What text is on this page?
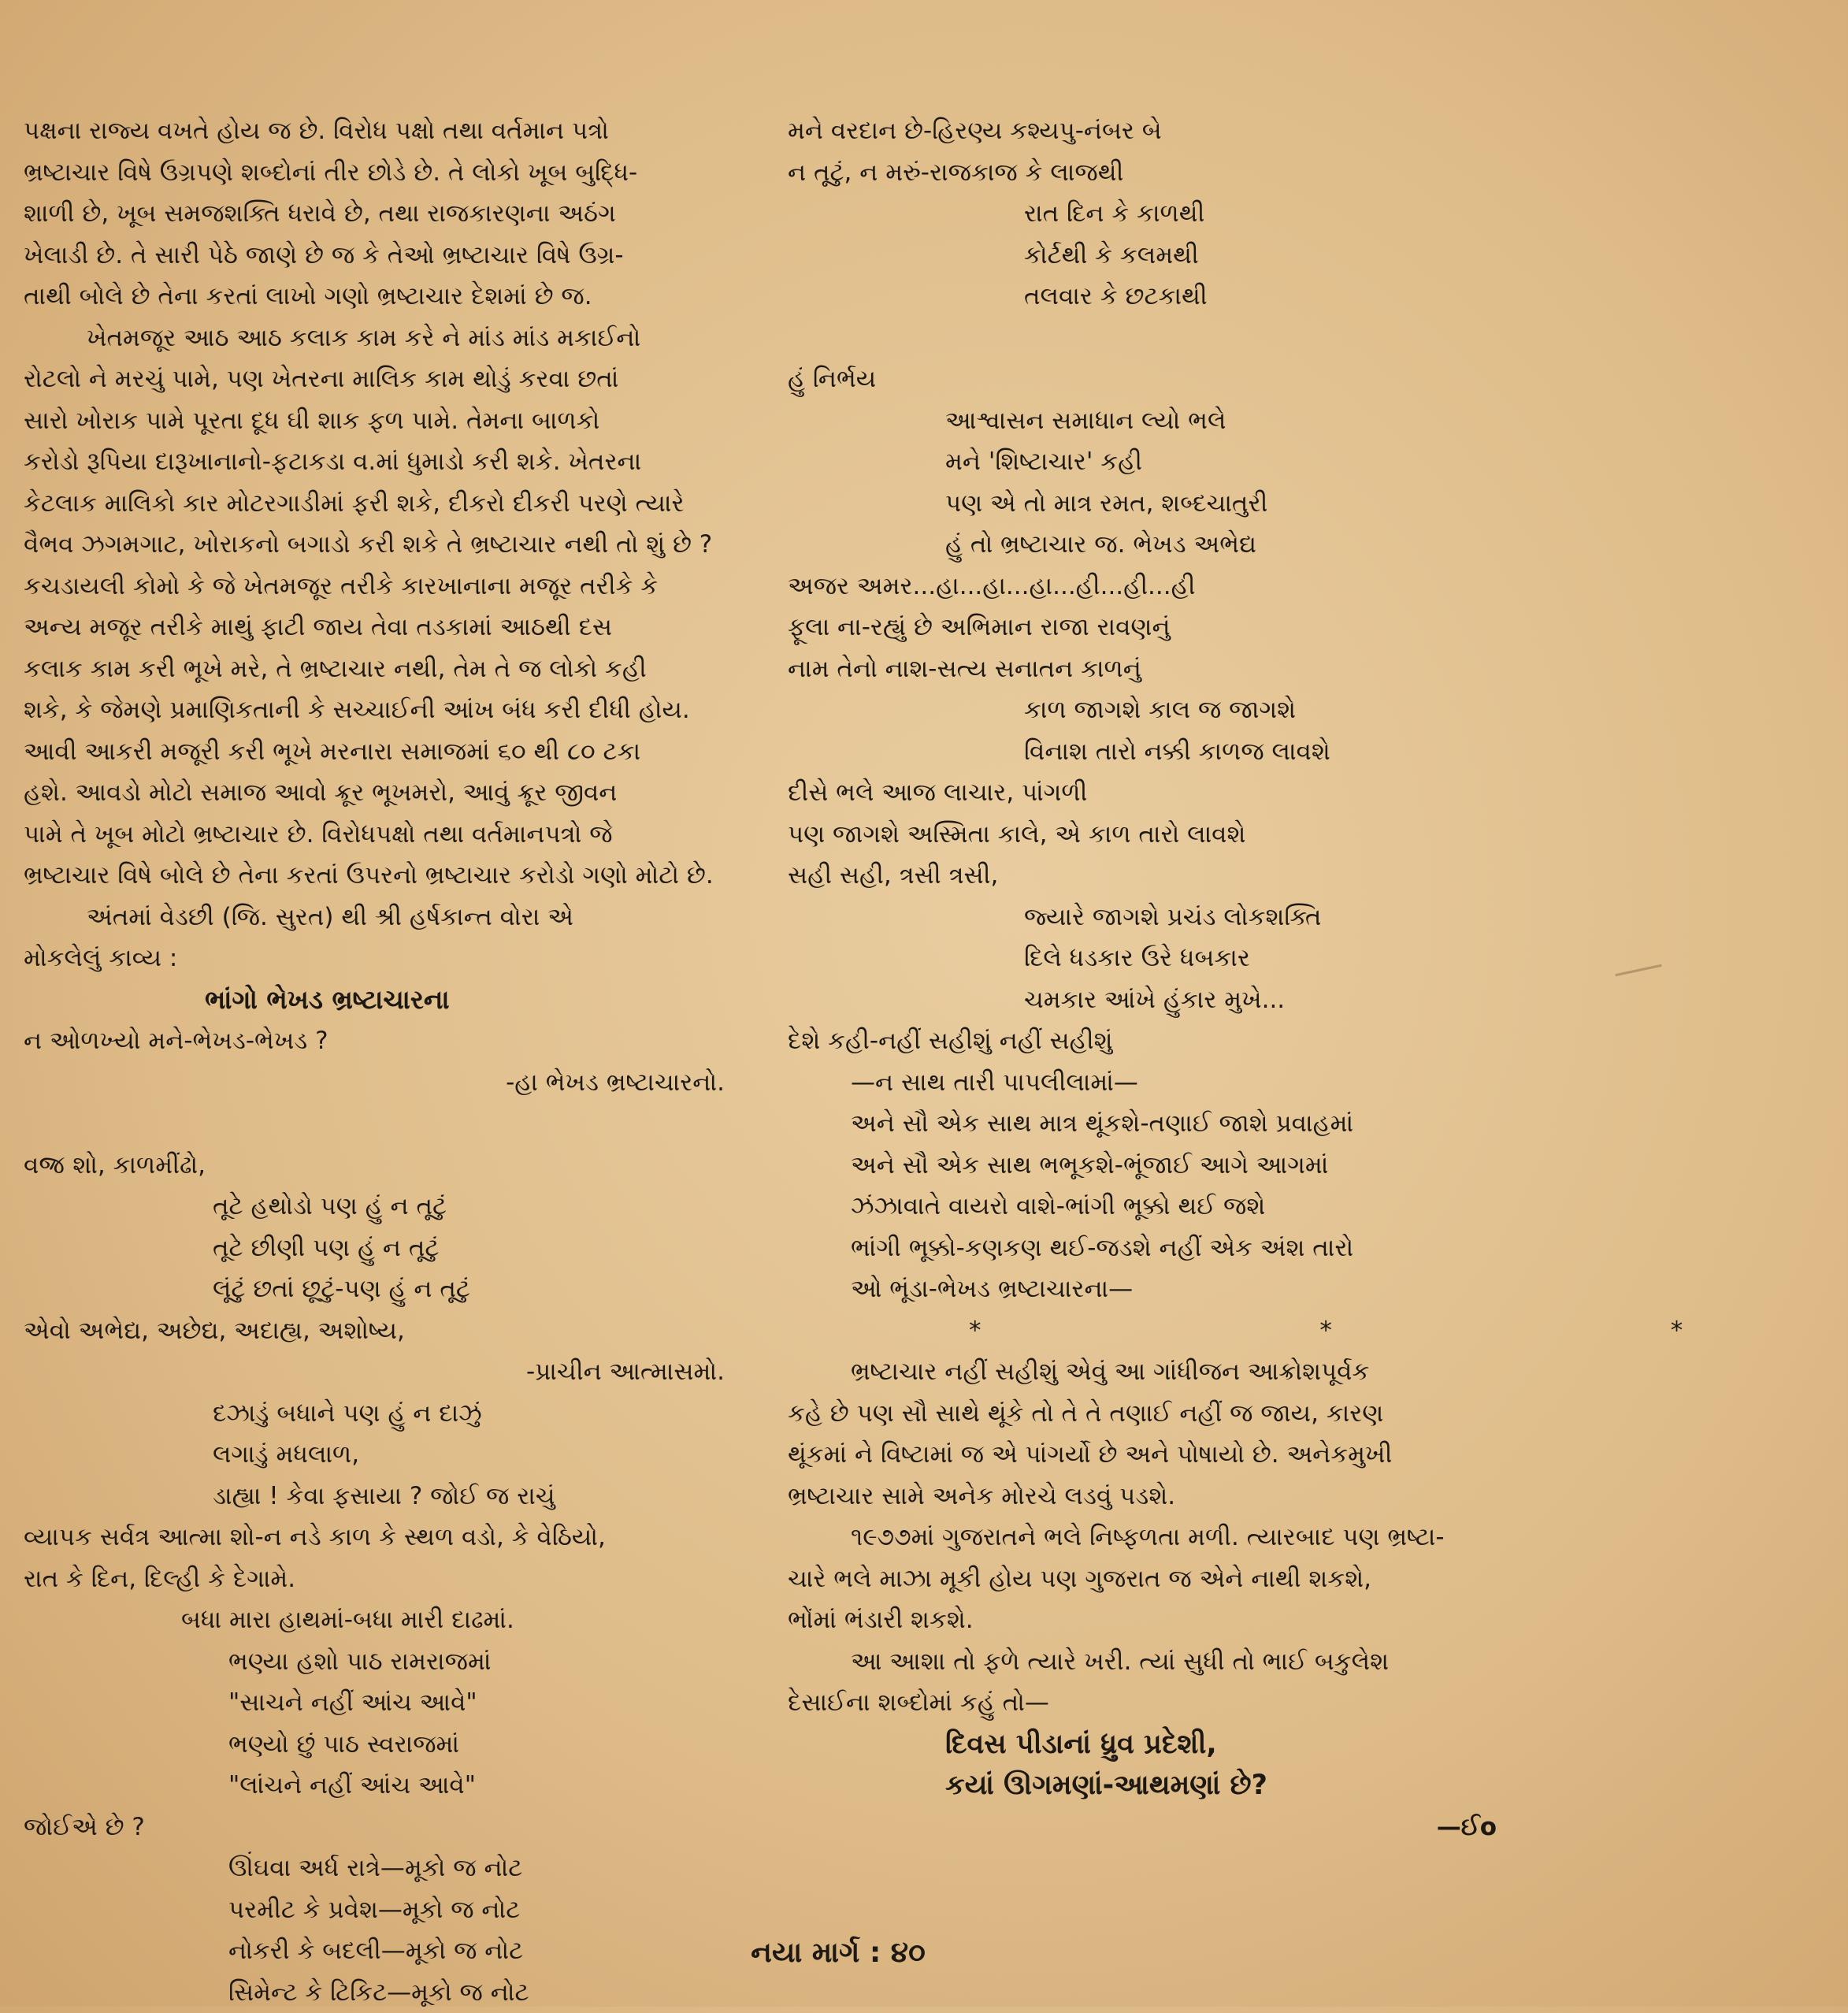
પક્ષના રાજ્ય વખતે હોય જ છે. વિરોધ પક્ષો તથા વર્તમાન પત્રો
ભ્રષ્ટાચાર વિષે ઉગ્રપણે શબ્દોનાં તીર છોડે છે. તે લોકો ખૂબ બુદ્ધિ-
શાળી છે, ખૂબ સમજશક્તિ ધરાવે છે, તથા રાજકારણના અઠંગ
ખેલાડી છે. તે સારી પેઠે જાણે છે જ કે તેઓ ભ્રષ્ટાચાર વિષે ઉગ્ર-
તાથી બોલે છે તેના કરતાં લાખો ગણો ભ્રષ્ટાચાર દેશમાં છે જ.
ખેતમજૂર આઠ આઠ કલાક કામ કરે ને માંડ માંડ મકાઈનો
રોટલો ને મરચું પામે, પણ ખેતરના માલિક કામ થોડું કરવા છતાં
સારો ખોરાક પામે પૂરતા દૂધ ઘી શાક ફળ પામે. તેમના બાળકો
કરોડો રૂપિયા દારૂખાનાનો-ફટાકડા વ.માં ધુમાડો કરી શકે. ખેતરના
કેટલાક માલિકો કાર મોટરગાડીમાં ફરી શકે, દીકરો દીકરી પરણે ત્યારે
વૈભવ ઝગમગાટ, ખોરાકનો બગાડો કરી શકે તે ભ્રષ્ટાચાર નથી તો શું છે ?
કચડાયલી કોમો કે જે ખેતમજૂર તરીકે કારખાનાના મજૂર તરીકે કે
અન્ય મજૂર તરીકે માથું ફાટી જાય તેવા તડકામાં આઠથી દસ
કલાક કામ કરી ભૂખે મરે, તે ભ્રષ્ટાચાર નથી, તેમ તે જ લોકો કહી
શકે, કે જેમણે પ્રમાણિકતાની કે સચ્ચાઈની આંખ બંધ કરી દીધી હોય.
આવી આકરી મજૂરી કરી ભૂખે મરનારા સમાજમાં ૬૦ થી ૮૦ ટકા
હશે. આવડો મોટો સમાજ આવો ક્રૂર ભૂખમરો, આવું ક્રૂર જીવન
પામે તે ખૂબ મોટો ભ્રષ્ટાચાર છે. વિરોધપક્ષો તથા વર્તમાનપત્રો જે
ભ્રષ્ટાચાર વિષે બોલે છે તેના કરતાં ઉપરનો ભ્રષ્ટાચાર કરોડો ગણો મોટો છે.
અંતમાં વેડછી (જિ. સુરત) થી શ્રી હર્ષકાન્ત વોરા એ
મોકલેલું કાવ્ય :
ભાંગો ભેખડ ભ્રષ્ટાચારના
ન ઓળખ્યો મને-ભેખડ-ભેખડ ?
-હા ભેખડ ભ્રષ્ટાચારનો.

વજ્ર શો, કાળમીંઢો,
તૂટે હથોડો પણ હું ન તૂટું
તૂટે છીણી પણ હું ન તૂટું
લૂંટું છતાં છૂટું-પણ હું ન તૂટું
એવો અભેદ્ય, અછેદ્ય, અદાહ્ય, અશોષ્ય,
-પ્રાચીન આત્માસમો.
દઝાડું બધાને પણ હું ન દાઝું
લગાડું મધલાળ,
ડાહ્યા ! કેવા ફસાયા ? જોઈ જ રાચું
વ્યાપક સર્વત્ર આત્મા શો-ન નડે કાળ કે સ્થળ વડો, કે વેઠિયો,
રાત કે દિન, દિલ્હી કે દેગામે.
બધા મારા હાથમાં-બધા મારી દાઢમાં.
ભણ્યા હશો પાઠ રામરાજમાં
"સાચને નહીં આંચ આવે"
ભણ્યો છું પાઠ સ્વરાજમાં
"લાંચને નહીં આંચ આવે"
જોઈએ છે ?
ઊંઘવા અર્ધ રાત્રે—મૂકો જ નોટ
પરમીટ કે પ્રવેશ—મૂકો જ નોટ
નોકરી કે બદલી—મૂકો જ નોટ
સિમેન્ટ કે ટિકિટ—મૂકો જ નોટ
મને વરદાન છે-હિરણ્ય કશ્યપુ-નંબર બે
ન તૂટું, ન મરું-રાજકાજ કે લાજથી
રાત દિન કે કાળથી
કોર્ટથી કે કલમથી
તલવાર કે છટકાથી

હું નિર્ભય
આશ્વાસન સમાધાન લ્યો ભલે
મને 'શિષ્ટાચાર' કહી
પણ એ તો માત્ર રમત, શબ્દચાતુરી
હું તો ભ્રષ્ટાચાર જ. ભેખડ અભેદ્ય
અજર અમર...હા...હા...હા...હી...હી...હી
ફૂલા ના-રહ્યું છે અભિમાન રાજા રાવણનું
નામ તેનો નાશ-સત્ય સનાતન કાળનું
કાળ જાગશે કાલ જ જાગશે
વિનાશ તારો નક્કી કાળજ લાવશે
દીસે ભલે આજ લાચાર, પાંગળી
પણ જાગશે અસ્મિતા કાલે, એ કાળ તારો લાવશે
સહી સહી, ત્રસી ત્રસી,
જ્યારે જાગશે પ્રચંડ લોકશક્તિ
દિલે ધડકાર ઉરે ધબકાર
ચમકાર આંખે હુંકાર મુખે...
દેશે કહી-નહીં સહીશું નહીં સહીશું
—ન સાથ તારી પાપલીલામાં—
અને સૌ એક સાથ માત્ર થૂંકશે-તણાઈ જાશે પ્રવાહમાં
અને સૌ એક સાથ ભભૂકશે-ભૂંજાઈ આગે આગમાં
ઝંઝાવાતે વાયરો વાશે-ભાંગી ભૂક્કો થઈ જશે
ભાંગી ભૂક્કો-કણકણ થઈ-જડશે નહીં એક અંશ તારો
ઓ ભૂંડા-ભેખડ ભ્રષ્ટાચારના—
* * *
ભ્રષ્ટાચાર નહીં સહીશું એવું આ ગાંધીજન આક્રોશપૂર્વક
કહે છે પણ સૌ સાથે થૂંકે તો તે તે તણાઈ નહીં જ જાય, કારણ
થૂંકમાં ને વિષ્ટામાં જ એ પાંગર્યો છે અને પોષાયો છે. અનેકમુખી
ભ્રષ્ટાચાર સામે અનેક મોરચે લડવું પડશે.
૧૯૭૭માં ગુજરાતને ભલે નિષ્ફળતા મળી. ત્યારબાદ પણ ભ્રષ્ટા-
ચારે ભલે માઝા મૂકી હોય પણ ગુજરાત જ એને નાથી શકશે,
ભોંમાં ભંડારી શકશે.
આ આશા તો ફળે ત્યારે ખરી. ત્યાં સુધી તો ભાઈ બકુલેશ
દેસાઈના શબ્દોમાં કહું તો—
દિવસ પીડાનાં ધ્રુવ પ્રદેશી,
કયાં ઊગમણાં-આથમણાં છે?
—ઈo
નયા માર્ગ : ૪૦
